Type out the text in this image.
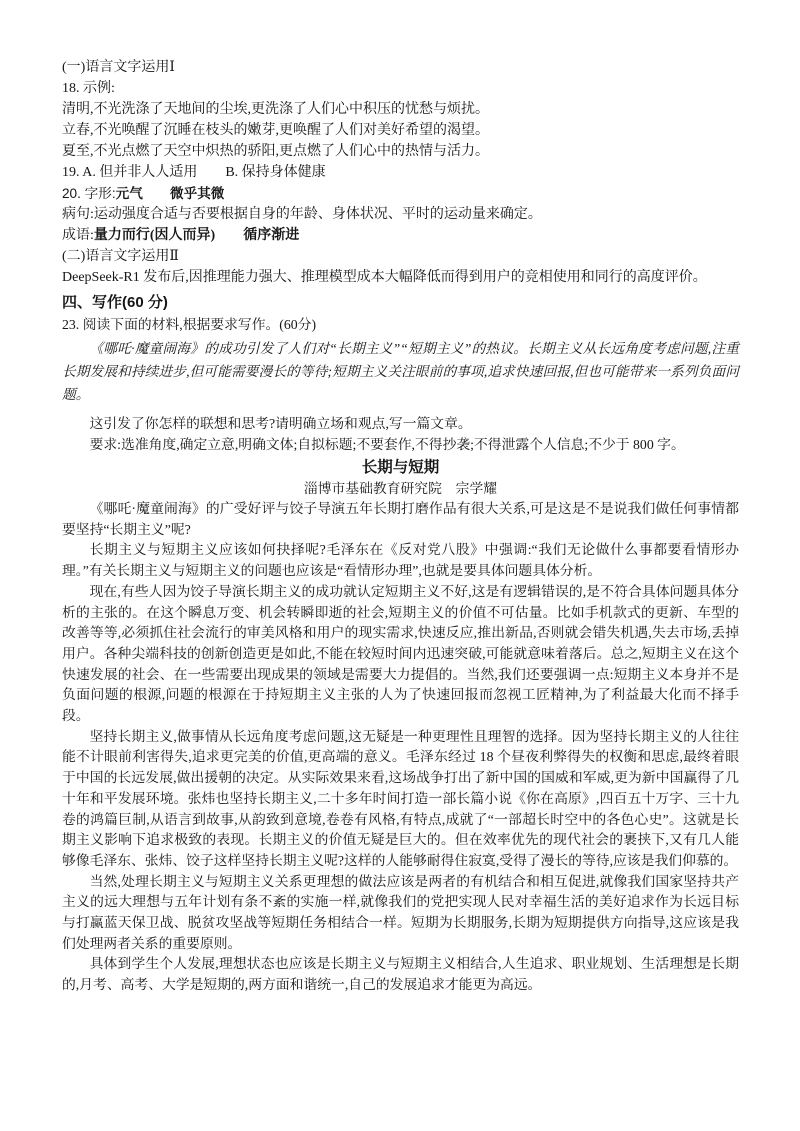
(一)语言文字运用Ⅰ
18. 示例:
清明,不光洗涤了天地间的尘埃,更洗涤了人们心中积压的忧愁与烦扰。
立春,不光唤醒了沉睡在枝头的嫩芽,更唤醒了人们对美好希望的渴望。
夏至,不光点燃了天空中炽热的骄阳,更点燃了人们心中的热情与活力。
19. A. 但并非人人适用　　B. 保持身体健康
20. 字形:元气　　微乎其微
病句:运动强度合适与否要根据自身的年龄、身体状况、平时的运动量来确定。
成语:量力而行(因人而异)　　循序渐进
(二)语言文字运用Ⅱ
DeepSeek-R1 发布后,因推理能力强大、推理模型成本大幅降低而得到用户的竞相使用和同行的高度评价。
四、写作(60 分)
23. 阅读下面的材料,根据要求写作。(60分)
《哪吒·魔童闹海》的成功引发了人们对“长期主义”“短期主义”的热议。长期主义从长远角度考虑问题,注重长期发展和持续进步,但可能需要漫长的等待;短期主义关注眼前的事项,追求快速回报,但也可能带来一系列负面问题。
这引发了你怎样的联想和思考?请明确立场和观点,写一篇文章。
要求:选准角度,确定立意,明确文体;自拟标题;不要套作,不得抄袭;不得泄露个人信息;不少于 800 字。
长期与短期
淄博市基础教育研究院　宗学耀

《哪吒·魔童闹海》的广受好评与饺子导演五年长期打磨作品有很大关系,可是这是不是说我们做任何事情都要坚持“长期主义”呢?

长期主义与短期主义应该如何抉择呢?毛泽东在《反对党八股》中强调:“我们无论做什么事都要看情形办理。”有关长期主义与短期主义的问题也应该是“看情形办理”,也就是要具体问题具体分析。

现在,有些人因为饺子导演长期主义的成功就认定短期主义不好,这是有逻辑错误的,是不符合具体问题具体分析的主张的。在这个瞬息万变、机会转瞬即逝的社会,短期主义的价值不可估量。比如手机款式的更新、车型的改善等等,必须抓住社会流行的审美风格和用户的现实需求,快速反应,推出新品,否则就会错失机遇,失去市场,丢掉用户。各种尖端科技的创新创造更是如此,不能在较短时间内迅速突破,可能就意味着落后。总之,短期主义在这个快速发展的社会、在一些需要出现成果的领域是需要大力提倡的。当然,我们还要强调一点:短期主义本身并不是负面问题的根源,问题的根源在于持短期主义主张的人为了快速回报而忽视工匠精神,为了利益最大化而不择手段。

坚持长期主义,做事情从长远角度考虑问题,这无疑是一种更理性且理智的选择。因为坚持长期主义的人往往能不计眼前利害得失,追求更完美的价值,更高端的意义。毛泽东经过 18 个昼夜利弊得失的权衡和思虑,最终着眼于中国的长远发展,做出援朝的决定。从实际效果来看,这场战争打出了新中国的国威和军威,更为新中国赢得了几十年和平发展环境。张炜也坚持长期主义,二十多年时间打造一部长篇小说《你在高原》,四百五十万字、三十九卷的鸿篇巨制,从语言到故事,从韵致到意境,卷卷有风格,有特点,成就了“一部超长时空中的各色心史”。这就是长期主义影响下追求极致的表现。长期主义的价值无疑是巨大的。但在效率优先的现代社会的裹挟下,又有几人能够像毛泽东、张炜、饺子这样坚持长期主义呢?这样的人能够耐得住寂寞,受得了漫长的等待,应该是我们仰慕的。

当然,处理长期主义与短期主义关系更理想的做法应该是两者的有机结合和相互促进,就像我们国家坚持共产主义的远大理想与五年计划有条不紊的实施一样,就像我们的党把实现人民对幸福生活的美好追求作为长远目标与打赢蓝天保卫战、脱贫攻坚战等短期任务相结合一样。短期为长期服务,长期为短期提供方向指导,这应该是我们处理两者关系的重要原则。

具体到学生个人发展,理想状态也应该是长期主义与短期主义相结合,人生追求、职业规划、生活理想是长期的,月考、高考、大学是短期的,两方面和谐统一,自己的发展追求才能更为高远。
